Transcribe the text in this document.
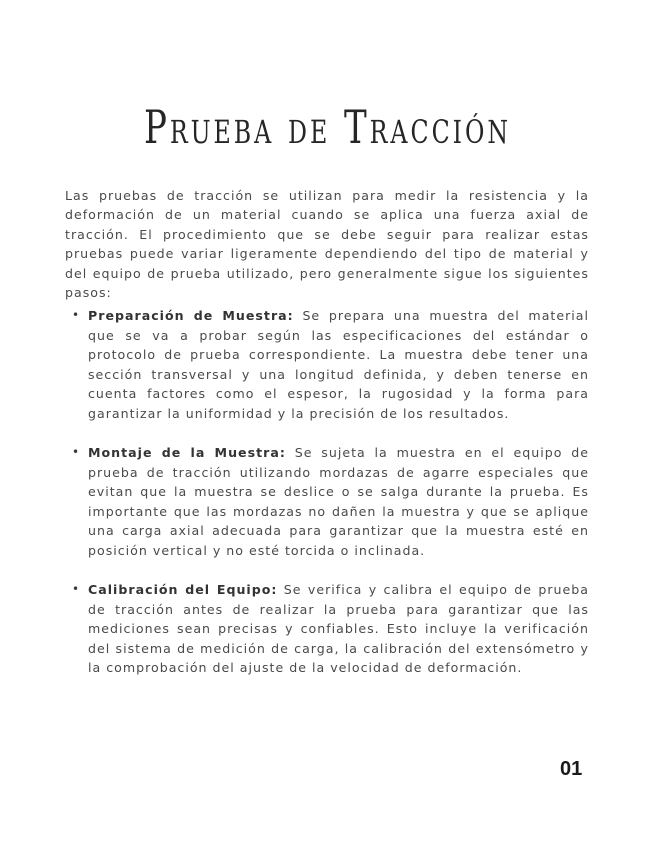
Prueba de Tracción

Las pruebas de tracción se utilizan para medir la resistencia y la deformación de un material cuando se aplica una fuerza axial de tracción. El procedimiento que se debe seguir para realizar estas pruebas puede variar ligeramente dependiendo del tipo de material y del equipo de prueba utilizado, pero generalmente sigue los siguientes pasos:

• Preparación de Muestra: Se prepara una muestra del material que se va a probar según las especificaciones del estándar o protocolo de prueba correspondiente. La muestra debe tener una sección transversal y una longitud definida, y deben tenerse en cuenta factores como el espesor, la rugosidad y la forma para garantizar la uniformidad y la precisión de los resultados.
• Montaje de la Muestra: Se sujeta la muestra en el equipo de prueba de tracción utilizando mordazas de agarre especiales que evitan que la muestra se deslice o se salga durante la prueba. Es importante que las mordazas no dañen la muestra y que se aplique una carga axial adecuada para garantizar que la muestra esté en posición vertical y no esté torcida o inclinada.
• Calibración del Equipo: Se verifica y calibra el equipo de prueba de tracción antes de realizar la prueba para garantizar que las mediciones sean precisas y confiables. Esto incluye la verificación del sistema de medición de carga, la calibración del extensómetro y la comprobación del ajuste de la velocidad de deformación.
01
